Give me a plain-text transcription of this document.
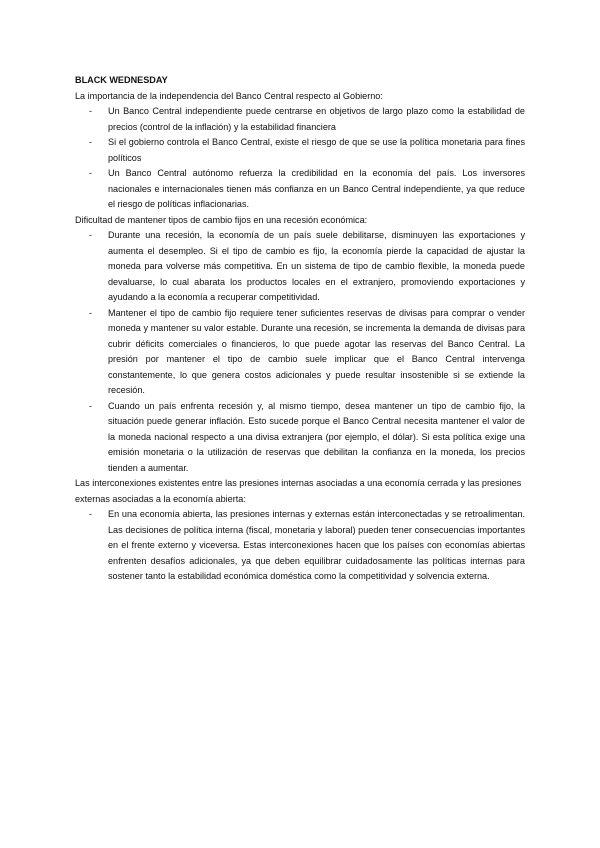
BLACK WEDNESDAY

La importancia de la independencia del Banco Central respecto al Gobierno:

- Un Banco Central independiente puede centrarse en objetivos de largo plazo como la estabilidad de precios (control de la inflación) y la estabilidad financiera
- Si el gobierno controla el Banco Central, existe el riesgo de que se use la política monetaria para fines políticos
- Un Banco Central autónomo refuerza la credibilidad en la economía del país. Los inversores nacionales e internacionales tienen más confianza en un Banco Central independiente, ya que reduce el riesgo de políticas inflacionarias.

Dificultad de mantener tipos de cambio fijos en una recesión económica:

- Durante una recesión, la economía de un país suele debilitarse, disminuyen las exportaciones y aumenta el desempleo. Si el tipo de cambio es fijo, la economía pierde la capacidad de ajustar la moneda para volverse más competitiva. En un sistema de tipo de cambio flexible, la moneda puede devaluarse, lo cual abarata los productos locales en el extranjero, promoviendo exportaciones y ayudando a la economía a recuperar competitividad.
- Mantener el tipo de cambio fijo requiere tener suficientes reservas de divisas para comprar o vender moneda y mantener su valor estable. Durante una recesión, se incrementa la demanda de divisas para cubrir déficits comerciales o financieros, lo que puede agotar las reservas del Banco Central. La presión por mantener el tipo de cambio suele implicar que el Banco Central intervenga constantemente, lo que genera costos adicionales y puede resultar insostenible si se extiende la recesión.
- Cuando un país enfrenta recesión y, al mismo tiempo, desea mantener un tipo de cambio fijo, la situación puede generar inflación. Esto sucede porque el Banco Central necesita mantener el valor de la moneda nacional respecto a una divisa extranjera (por ejemplo, el dólar). Si esta política exige una emisión monetaria o la utilización de reservas que debilitan la confianza en la moneda, los precios tienden a aumentar.

Las interconexiones existentes entre las presiones internas asociadas a una economía cerrada y las presiones externas asociadas a la economía abierta:

- En una economía abierta, las presiones internas y externas están interconectadas y se retroalimentan. Las decisiones de política interna (fiscal, monetaria y laboral) pueden tener consecuencias importantes en el frente externo y viceversa. Estas interconexiones hacen que los países con economías abiertas enfrenten desafíos adicionales, ya que deben equilibrar cuidadosamente las políticas internas para sostener tanto la estabilidad económica doméstica como la competitividad y solvencia externa.
